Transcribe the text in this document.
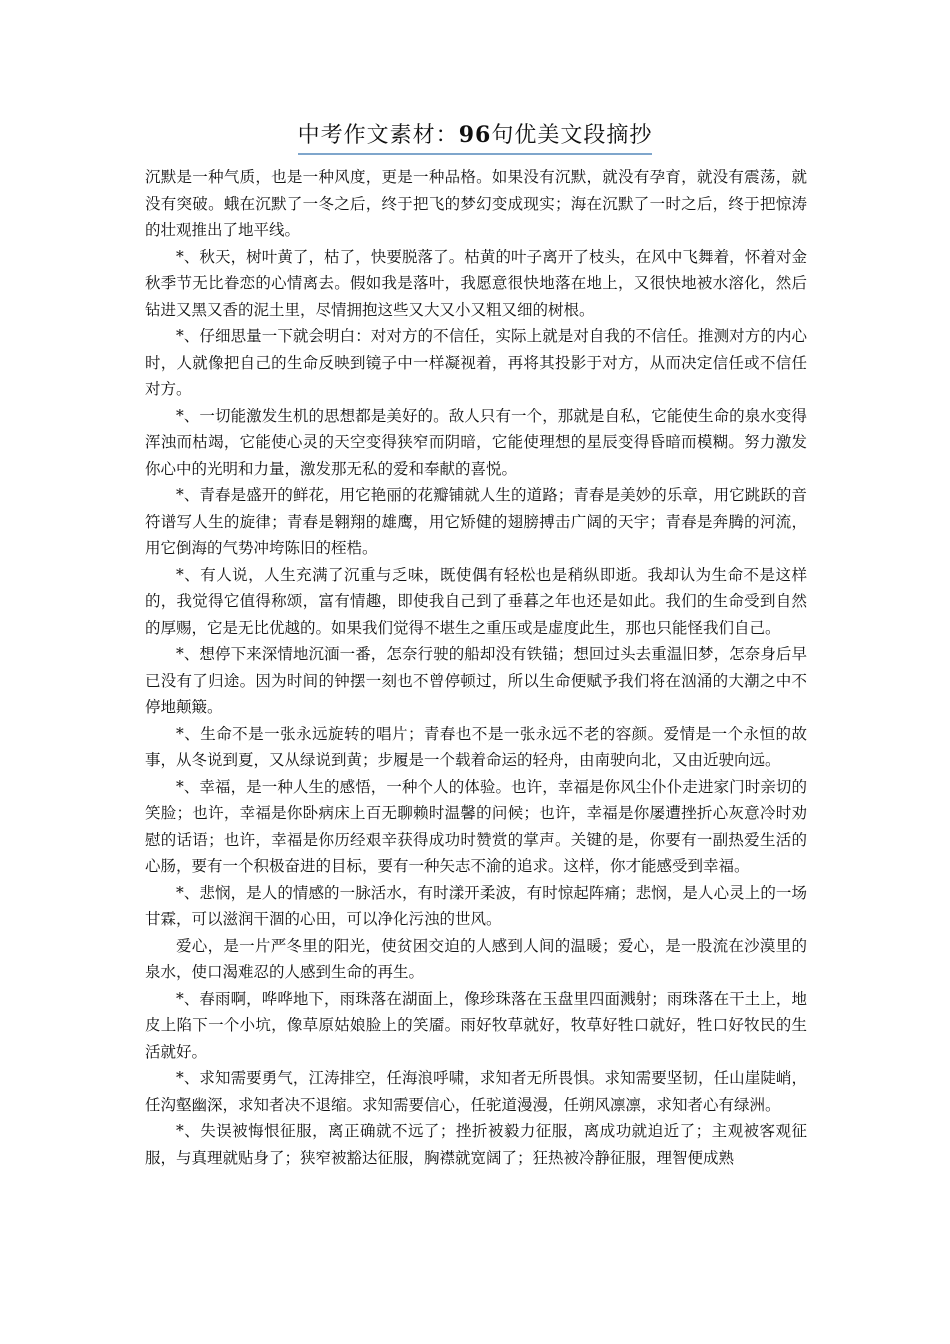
中考作文素材：96句优美文段摘抄

沉默是一种气质，也是一种风度，更是一种品格。如果没有沉默，就没有孕育，就没有震荡，就没有突破。蛾在沉默了一冬之后，终于把飞的梦幻变成现实；海在沉默了一时之后，终于把惊涛的壮观推出了地平线。

*、秋天，树叶黄了，枯了，快要脱落了。枯黄的叶子离开了枝头，在风中飞舞着，怀着对金秋季节无比眷恋的心情离去。假如我是落叶，我愿意很快地落在地上，又很快地被水溶化，然后钻进又黑又香的泥土里，尽情拥抱这些又大又小又粗又细的树根。

*、仔细思量一下就会明白：对对方的不信任，实际上就是对自我的不信任。推测对方的内心时，人就像把自己的生命反映到镜子中一样凝视着，再将其投影于对方，从而决定信任或不信任对方。

*、一切能激发生机的思想都是美好的。敌人只有一个，那就是自私，它能使生命的泉水变得浑浊而枯竭，它能使心灵的天空变得狭窄而阴暗，它能使理想的星辰变得昏暗而模糊。努力激发你心中的光明和力量，激发那无私的爱和奉献的喜悦。

*、青春是盛开的鲜花，用它艳丽的花瓣铺就人生的道路；青春是美妙的乐章，用它跳跃的音符谱写人生的旋律；青春是翱翔的雄鹰，用它矫健的翅膀搏击广阔的天宇；青春是奔腾的河流，用它倒海的气势冲垮陈旧的桎梏。

*、有人说，人生充满了沉重与乏味，既使偶有轻松也是稍纵即逝。我却认为生命不是这样的，我觉得它值得称颂，富有情趣，即使我自己到了垂暮之年也还是如此。我们的生命受到自然的厚赐，它是无比优越的。如果我们觉得不堪生之重压或是虚度此生，那也只能怪我们自己。

*、想停下来深情地沉湎一番，怎奈行驶的船却没有铁锚；想回过头去重温旧梦，怎奈身后早已没有了归途。因为时间的钟摆一刻也不曾停顿过，所以生命便赋予我们将在汹涌的大潮之中不停地颠簸。

*、生命不是一张永远旋转的唱片；青春也不是一张永远不老的容颜。爱情是一个永恒的故事，从冬说到夏，又从绿说到黄；步履是一个载着命运的轻舟，由南驶向北，又由近驶向远。

*、幸福，是一种人生的感悟，一种个人的体验。也许，幸福是你风尘仆仆走进家门时亲切的笑脸；也许，幸福是你卧病床上百无聊赖时温馨的问候；也许，幸福是你屡遭挫折心灰意冷时劝慰的话语；也许，幸福是你历经艰辛获得成功时赞赏的掌声。关键的是，你要有一副热爱生活的心肠，要有一个积极奋进的目标，要有一种矢志不渝的追求。这样，你才能感受到幸福。

*、悲悯，是人的情感的一脉活水，有时漾开柔波，有时惊起阵痛；悲悯，是人心灵上的一场甘霖，可以滋润干涸的心田，可以净化污浊的世风。

爱心，是一片严冬里的阳光，使贫困交迫的人感到人间的温暖；爱心，是一股流在沙漠里的泉水，使口渴难忍的人感到生命的再生。

*、春雨啊，哗哗地下，雨珠落在湖面上，像珍珠落在玉盘里四面溅射；雨珠落在干土上，地皮上陷下一个小坑，像草原姑娘脸上的笑靥。雨好牧草就好，牧草好牲口就好，牲口好牧民的生活就好。

*、求知需要勇气，江涛排空，任海浪呼啸，求知者无所畏惧。求知需要坚韧，任山崖陡峭，任沟壑幽深，求知者决不退缩。求知需要信心，任驼道漫漫，任朔风凛凛，求知者心有绿洲。

*、失误被悔恨征服，离正确就不远了；挫折被毅力征服，离成功就迫近了；主观被客观征服，与真理就贴身了；狭窄被豁达征服，胸襟就宽阔了；狂热被冷静征服，理智便成熟
